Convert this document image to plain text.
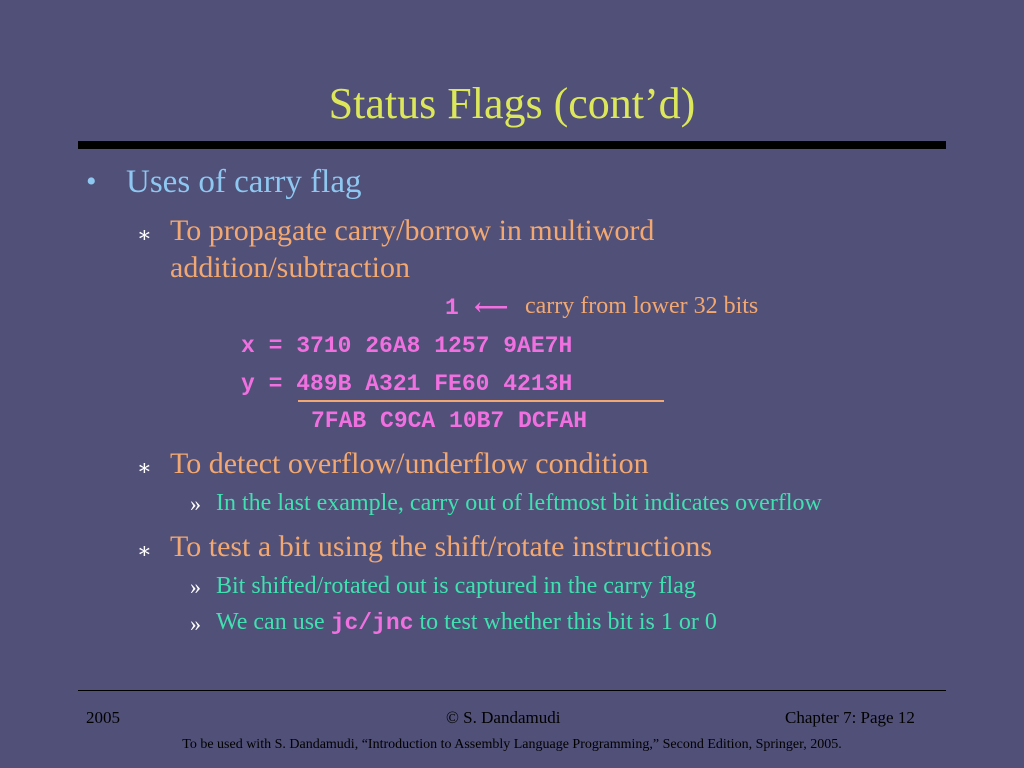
Status Flags (cont’d)
• Uses of carry flag
∗ To propagate carry/borrow in multiword
addition/subtraction
1 ⟵ carry from lower 32 bits
x = 3710 26A8 1257 9AE7H
y = 489B A321 FE60 4213H
7FAB C9CA 10B7 DCFAH
∗ To detect overflow/underflow condition
» In the last example, carry out of leftmost bit indicates overflow
∗ To test a bit using the shift/rotate instructions
» Bit shifted/rotated out is captured in the carry flag
» We can use jc/jnc to test whether this bit is 1 or 0
2005	© S. Dandamudi	Chapter 7: Page 12
To be used with S. Dandamudi, “Introduction to Assembly Language Programming,” Second Edition, Springer, 2005.
